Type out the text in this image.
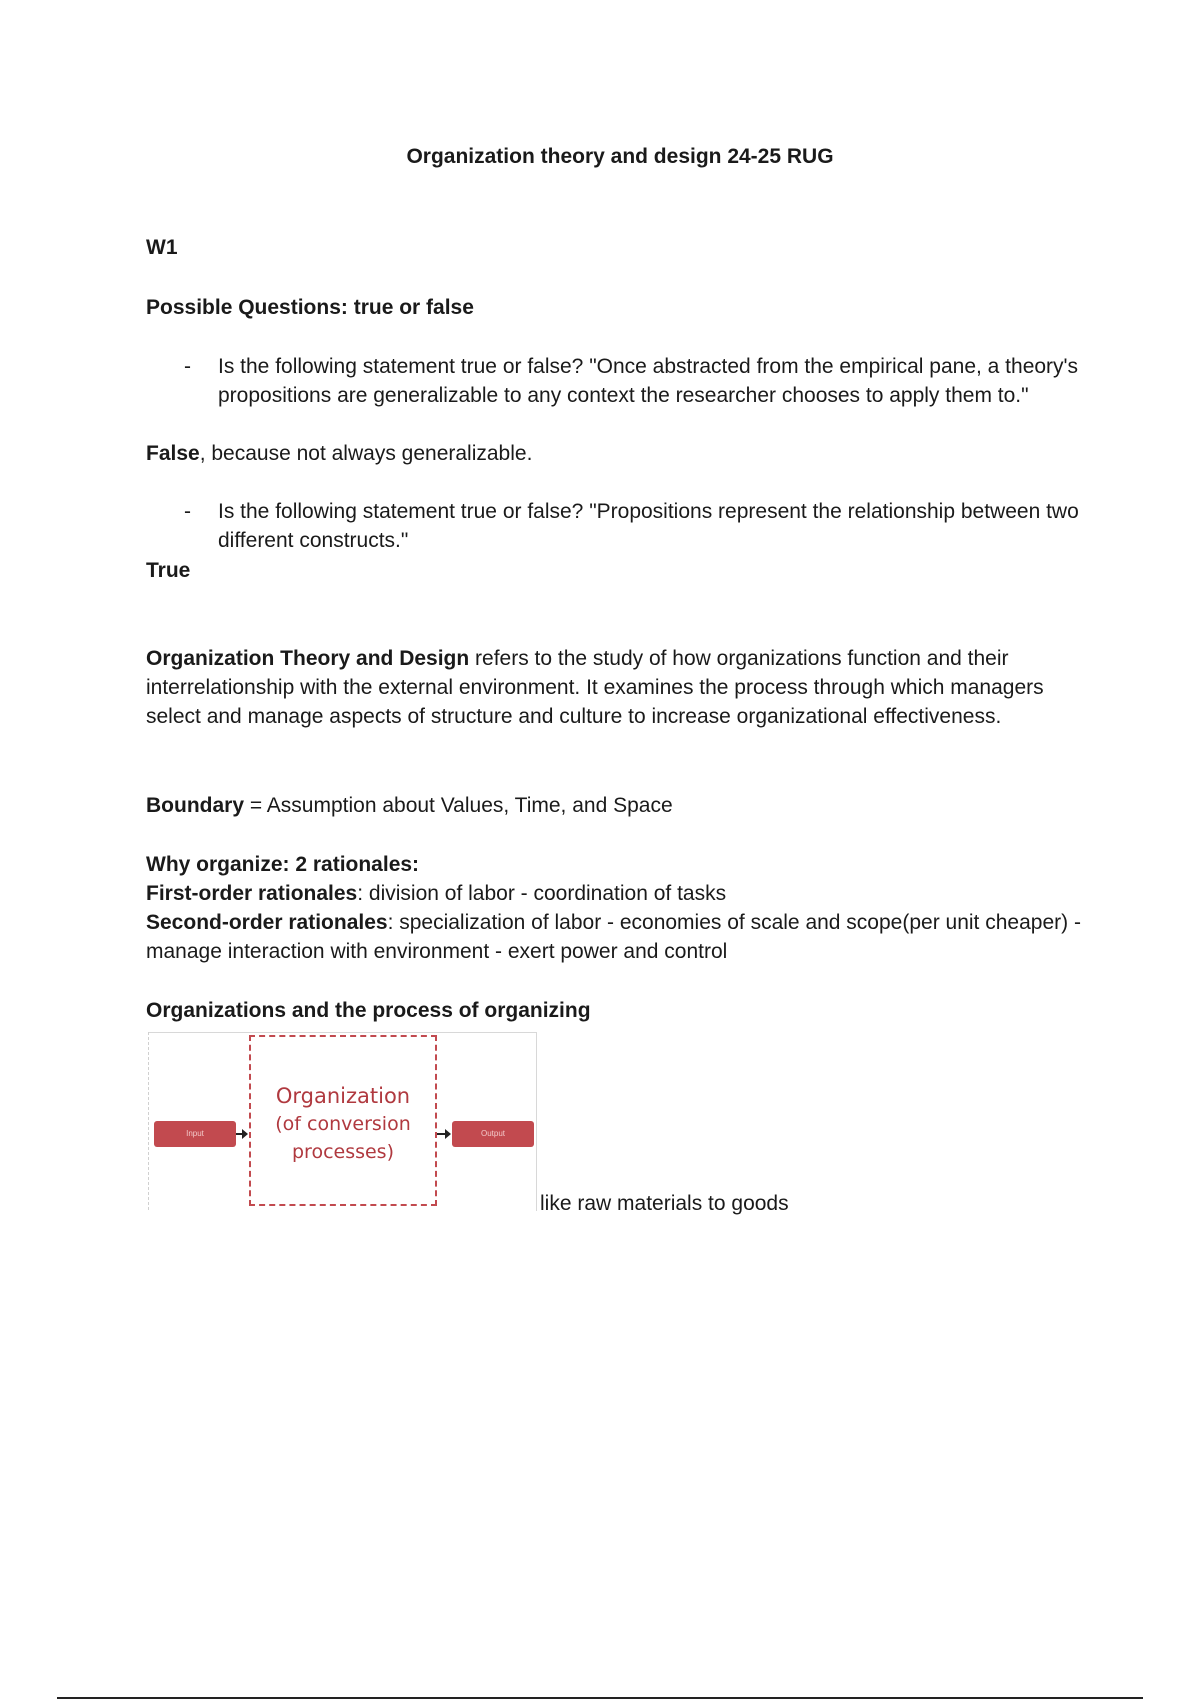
Organization theory and design 24-25 RUG
W1
Possible Questions: true or false
- Is the following statement true or false? "Once abstracted from the empirical pane, a theory's propositions are generalizable to any context the researcher chooses to apply them to."
False, because not always generalizable.
- Is the following statement true or false? "Propositions represent the relationship between two different constructs."
True
Organization Theory and Design refers to the study of how organizations function and their interrelationship with the external environment. It examines the process through which managers select and manage aspects of structure and culture to increase organizational effectiveness.
Boundary = Assumption about Values, Time, and Space
Why organize: 2 rationales:
First-order rationales: division of labor - coordination of tasks
Second-order rationales: specialization of labor - economies of scale and scope(per unit cheaper) - manage interaction with environment - exert power and control
Organizations and the process of organizing
Input
Organization
(of conversion
processes)
Output
like raw materials to goods
